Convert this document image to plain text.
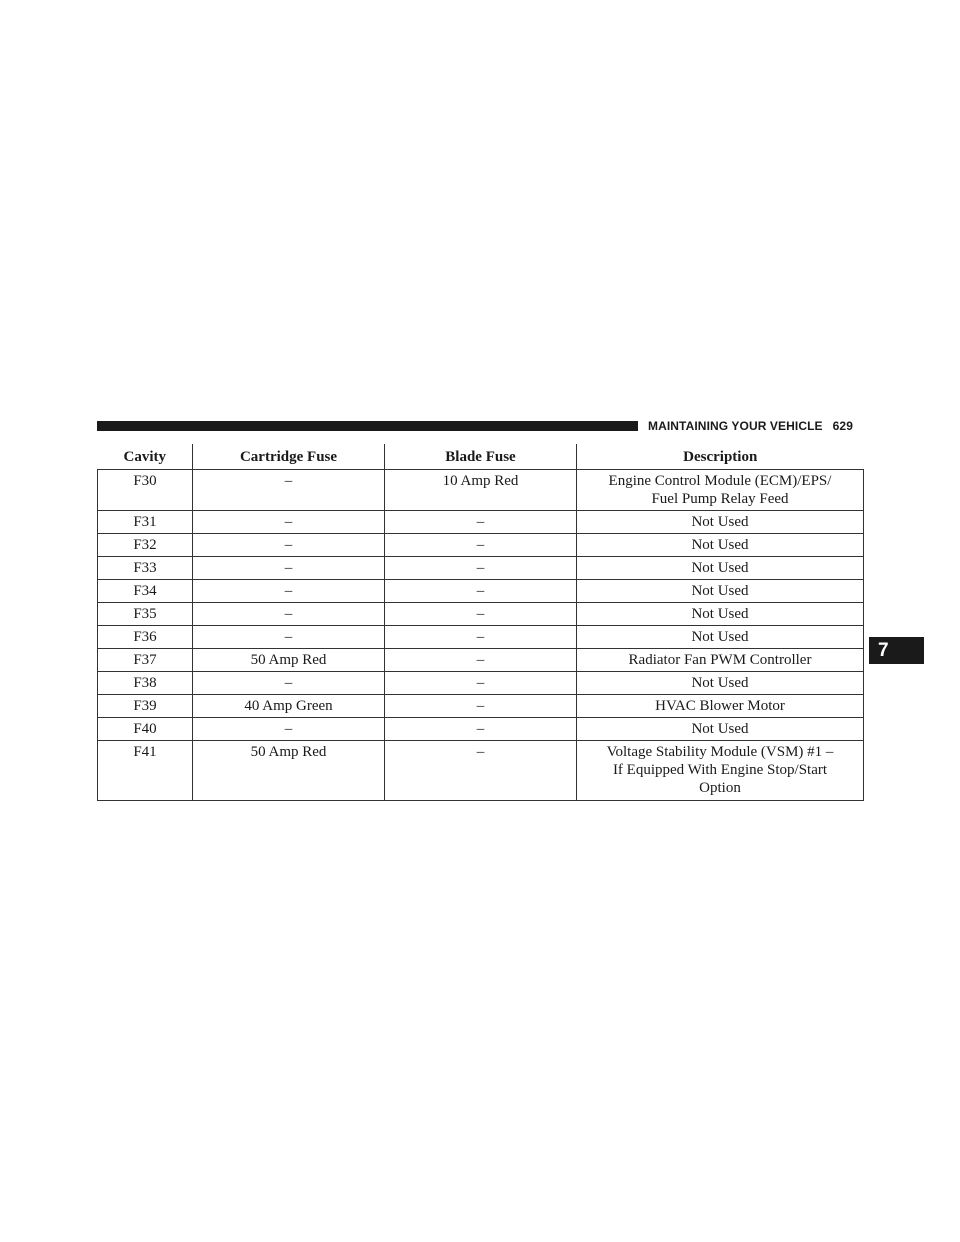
MAINTAINING YOUR VEHICLE 629
7
Cavity	Cartridge Fuse	Blade Fuse	Description
F30	–	10 Amp Red	Engine Control Module (ECM)/EPS/
Fuel Pump Relay Feed
F31	–	–	Not Used
F32	–	–	Not Used
F33	–	–	Not Used
F34	–	–	Not Used
F35	–	–	Not Used
F36	–	–	Not Used
F37	50 Amp Red	–	Radiator Fan PWM Controller
F38	–	–	Not Used
F39	40 Amp Green	–	HVAC Blower Motor
F40	–	–	Not Used
F41	50 Amp Red	–	Voltage Stability Module (VSM) #1 –
If Equipped With Engine Stop/Start
Option
